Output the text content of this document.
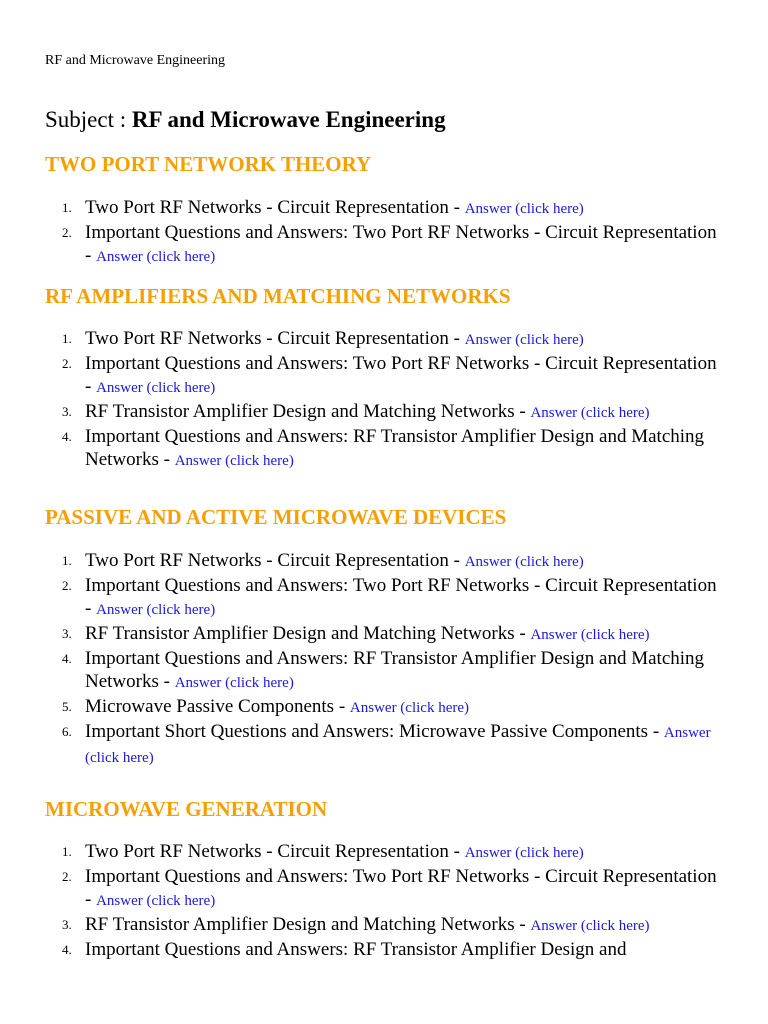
RF and Microwave Engineering
Subject : RF and Microwave Engineering
TWO PORT NETWORK THEORY
1. Two Port RF Networks - Circuit Representation - Answer (click here)
2. Important Questions and Answers: Two Port RF Networks - Circuit Representation - Answer (click here)
RF AMPLIFIERS AND MATCHING NETWORKS
1. Two Port RF Networks - Circuit Representation - Answer (click here)
2. Important Questions and Answers: Two Port RF Networks - Circuit Representation - Answer (click here)
3. RF Transistor Amplifier Design and Matching Networks - Answer (click here)
4. Important Questions and Answers: RF Transistor Amplifier Design and Matching Networks - Answer (click here)
PASSIVE AND ACTIVE MICROWAVE DEVICES
1. Two Port RF Networks - Circuit Representation - Answer (click here)
2. Important Questions and Answers: Two Port RF Networks - Circuit Representation - Answer (click here)
3. RF Transistor Amplifier Design and Matching Networks - Answer (click here)
4. Important Questions and Answers: RF Transistor Amplifier Design and Matching Networks - Answer (click here)
5. Microwave Passive Components - Answer (click here)
6. Important Short Questions and Answers: Microwave Passive Components - Answer (click here)
MICROWAVE GENERATION
1. Two Port RF Networks - Circuit Representation - Answer (click here)
2. Important Questions and Answers: Two Port RF Networks - Circuit Representation - Answer (click here)
3. RF Transistor Amplifier Design and Matching Networks - Answer (click here)
4. Important Questions and Answers: RF Transistor Amplifier Design and
